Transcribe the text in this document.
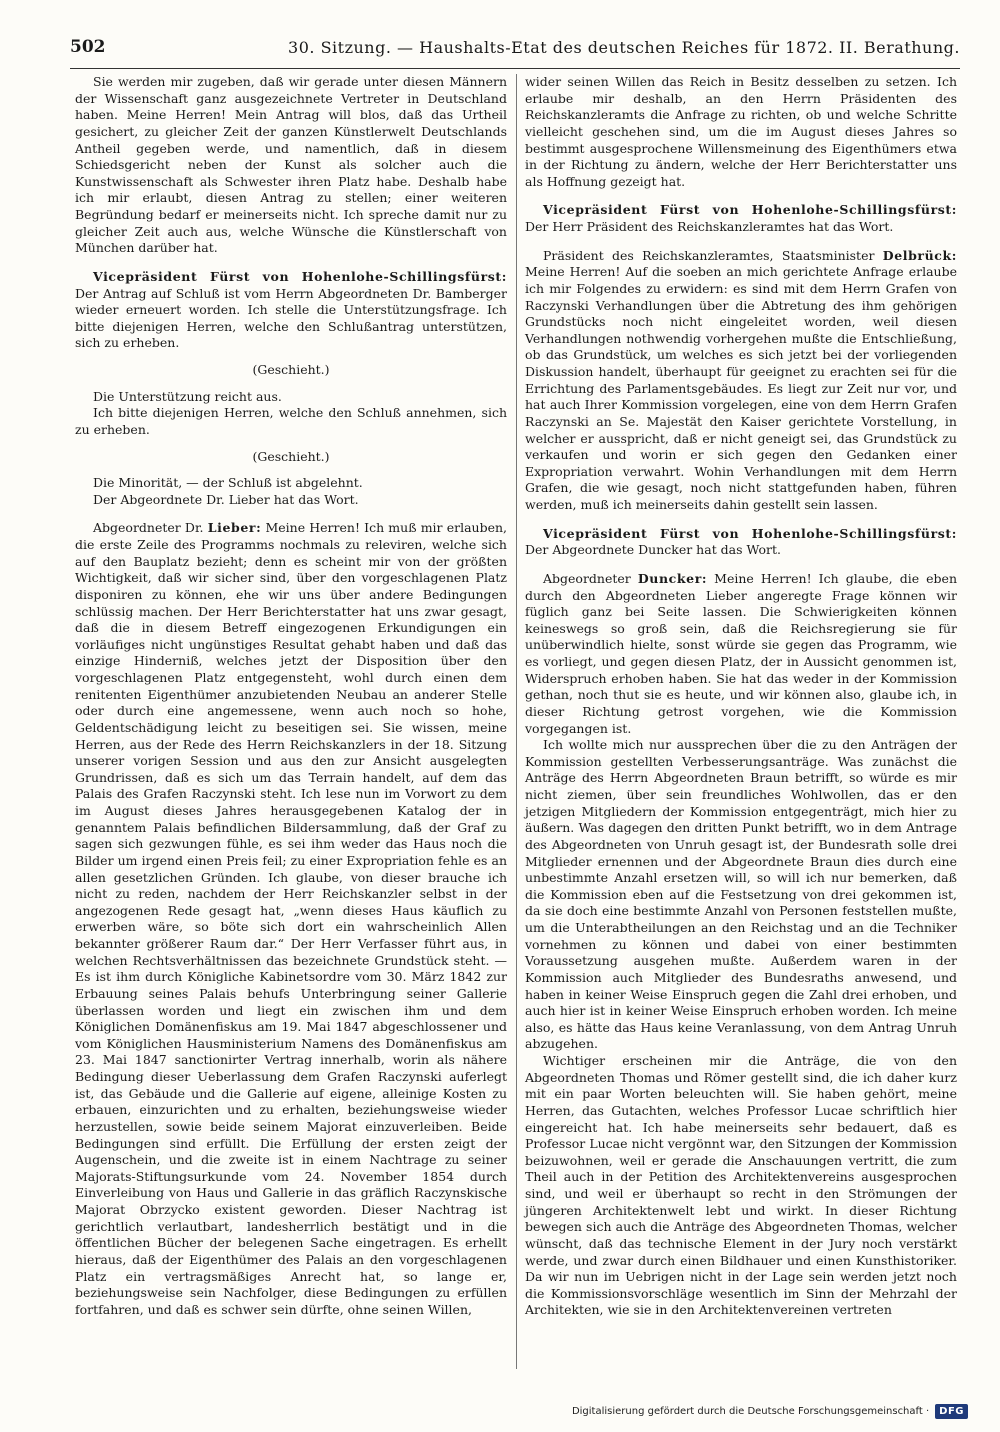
502	30. Sitzung. — Haushalts-Etat des deutschen Reiches für 1872. II. Berathung.

Sie werden mir zugeben, daß wir gerade unter diesen Männern der Wissenschaft ganz ausgezeichnete Vertreter in Deutschland haben. Meine Herren! Mein Antrag will blos, daß das Urtheil gesichert, zu gleicher Zeit der ganzen Künstlerwelt Deutschlands Antheil gegeben werde, und namentlich, daß in diesem Schiedsgericht neben der Kunst als solcher auch die Kunstwissenschaft als Schwester ihren Platz habe. Deshalb habe ich mir erlaubt, diesen Antrag zu stellen; einer weiteren Begründung bedarf er meinerseits nicht. Ich spreche damit nur zu gleicher Zeit auch aus, welche Wünsche die Künstlerschaft von München darüber hat.

Vicepräsident Fürst von Hohenlohe-Schillingsfürst: Der Antrag auf Schluß ist vom Herrn Abgeordneten Dr. Bamberger wieder erneuert worden. Ich stelle die Unterstützungsfrage. Ich bitte diejenigen Herren, welche den Schlußantrag unterstützen, sich zu erheben.

(Geschieht.)

Die Unterstützung reicht aus.

Ich bitte diejenigen Herren, welche den Schluß annehmen, sich zu erheben.

(Geschieht.)

Die Minorität, — der Schluß ist abgelehnt.

Der Abgeordnete Dr. Lieber hat das Wort.

Abgeordneter Dr. Lieber: Meine Herren! Ich muß mir erlauben, die erste Zeile des Programms nochmals zu releviren, welche sich auf den Bauplatz bezieht; denn es scheint mir von der größten Wichtigkeit, daß wir sicher sind, über den vorgeschlagenen Platz disponiren zu können, ehe wir uns über andere Bedingungen schlüssig machen. Der Herr Berichterstatter hat uns zwar gesagt, daß die in diesem Betreff eingezogenen Erkundigungen ein vorläufiges nicht ungünstiges Resultat gehabt haben und daß das einzige Hinderniß, welches jetzt der Disposition über den vorgeschlagenen Platz entgegensteht, wohl durch einen dem renitenten Eigenthümer anzubietenden Neubau an anderer Stelle oder durch eine angemessene, wenn auch noch so hohe, Geldentschädigung leicht zu beseitigen sei. Sie wissen, meine Herren, aus der Rede des Herrn Reichskanzlers in der 18. Sitzung unserer vorigen Session und aus den zur Ansicht ausgelegten Grundrissen, daß es sich um das Terrain handelt, auf dem das Palais des Grafen Raczynski steht. Ich lese nun im Vorwort zu dem im August dieses Jahres herausgegebenen Katalog der in genanntem Palais befindlichen Bildersammlung, daß der Graf zu sagen sich gezwungen fühle, es sei ihm weder das Haus noch die Bilder um irgend einen Preis feil; zu einer Expropriation fehle es an allen gesetzlichen Gründen. Ich glaube, von dieser brauche ich nicht zu reden, nachdem der Herr Reichskanzler selbst in der angezogenen Rede gesagt hat, „wenn dieses Haus käuflich zu erwerben wäre, so böte sich dort ein wahrscheinlich Allen bekannter größerer Raum dar.“ Der Herr Verfasser führt aus, in welchen Rechtsverhältnissen das bezeichnete Grundstück steht. — Es ist ihm durch Königliche Kabinetsordre vom 30. März 1842 zur Erbauung seines Palais behufs Unterbringung seiner Gallerie überlassen worden und liegt ein zwischen ihm und dem Königlichen Domänenfiskus am 19. Mai 1847 abgeschlossener und vom Königlichen Hausministerium Namens des Domänenfiskus am 23. Mai 1847 sanctionirter Vertrag innerhalb, worin als nähere Bedingung dieser Ueberlassung dem Grafen Raczynski auferlegt ist, das Gebäude und die Gallerie auf eigene, alleinige Kosten zu erbauen, einzurichten und zu erhalten, beziehungsweise wieder herzustellen, sowie beide seinem Majorat einzuverleiben. Beide Bedingungen sind erfüllt. Die Erfüllung der ersten zeigt der Augenschein, und die zweite ist in einem Nachtrage zu seiner Majorats-Stiftungsurkunde vom 24. November 1854 durch Einverleibung von Haus und Gallerie in das gräflich Raczynskische Majorat Obrzycko existent geworden. Dieser Nachtrag ist gerichtlich verlautbart, landesherrlich bestätigt und in die öffentlichen Bücher der belegenen Sache eingetragen. Es erhellt hieraus, daß der Eigenthümer des Palais an den vorgeschlagenen Platz ein vertragsmäßiges Anrecht hat, so lange er, beziehungsweise sein Nachfolger, diese Bedingungen zu erfüllen fortfahren, und daß es schwer sein dürfte, ohne seinen Willen,

wider seinen Willen das Reich in Besitz desselben zu setzen. Ich erlaube mir deshalb, an den Herrn Präsidenten des Reichskanzleramts die Anfrage zu richten, ob und welche Schritte vielleicht geschehen sind, um die im August dieses Jahres so bestimmt ausgesprochene Willensmeinung des Eigenthümers etwa in der Richtung zu ändern, welche der Herr Berichterstatter uns als Hoffnung gezeigt hat.

Vicepräsident Fürst von Hohenlohe-Schillingsfürst: Der Herr Präsident des Reichskanzleramtes hat das Wort.

Präsident des Reichskanzleramtes, Staatsminister Delbrück: Meine Herren! Auf die soeben an mich gerichtete Anfrage erlaube ich mir Folgendes zu erwidern: es sind mit dem Herrn Grafen von Raczynski Verhandlungen über die Abtretung des ihm gehörigen Grundstücks noch nicht eingeleitet worden, weil diesen Verhandlungen nothwendig vorhergehen mußte die Entschließung, ob das Grundstück, um welches es sich jetzt bei der vorliegenden Diskussion handelt, überhaupt für geeignet zu erachten sei für die Errichtung des Parlamentsgebäudes. Es liegt zur Zeit nur vor, und hat auch Ihrer Kommission vorgelegen, eine von dem Herrn Grafen Raczynski an Se. Majestät den Kaiser gerichtete Vorstellung, in welcher er ausspricht, daß er nicht geneigt sei, das Grundstück zu verkaufen und worin er sich gegen den Gedanken einer Expropriation verwahrt. Wohin Verhandlungen mit dem Herrn Grafen, die wie gesagt, noch nicht stattgefunden haben, führen werden, muß ich meinerseits dahin gestellt sein lassen.

Vicepräsident Fürst von Hohenlohe-Schillingsfürst: Der Abgeordnete Duncker hat das Wort.

Abgeordneter Duncker: Meine Herren! Ich glaube, die eben durch den Abgeordneten Lieber angeregte Frage können wir füglich ganz bei Seite lassen. Die Schwierigkeiten können keineswegs so groß sein, daß die Reichsregierung sie für unüberwindlich hielte, sonst würde sie gegen das Programm, wie es vorliegt, und gegen diesen Platz, der in Aussicht genommen ist, Widerspruch erhoben haben. Sie hat das weder in der Kommission gethan, noch thut sie es heute, und wir können also, glaube ich, in dieser Richtung getrost vorgehen, wie die Kommission vorgegangen ist.

Ich wollte mich nur aussprechen über die zu den Anträgen der Kommission gestellten Verbesserungsanträge. Was zunächst die Anträge des Herrn Abgeordneten Braun betrifft, so würde es mir nicht ziemen, über sein freundliches Wohlwollen, das er den jetzigen Mitgliedern der Kommission entgegenträgt, mich hier zu äußern. Was dagegen den dritten Punkt betrifft, wo in dem Antrage des Abgeordneten von Unruh gesagt ist, der Bundesrath solle drei Mitglieder ernennen und der Abgeordnete Braun dies durch eine unbestimmte Anzahl ersetzen will, so will ich nur bemerken, daß die Kommission eben auf die Festsetzung von drei gekommen ist, da sie doch eine bestimmte Anzahl von Personen feststellen mußte, um die Unterabtheilungen an den Reichstag und an die Techniker vornehmen zu können und dabei von einer bestimmten Voraussetzung ausgehen mußte. Außerdem waren in der Kommission auch Mitglieder des Bundesraths anwesend, und haben in keiner Weise Einspruch gegen die Zahl drei erhoben, und auch hier ist in keiner Weise Einspruch erhoben worden. Ich meine also, es hätte das Haus keine Veranlassung, von dem Antrag Unruh abzugehen.

Wichtiger erscheinen mir die Anträge, die von den Abgeordneten Thomas und Römer gestellt sind, die ich daher kurz mit ein paar Worten beleuchten will. Sie haben gehört, meine Herren, das Gutachten, welches Professor Lucae schriftlich hier eingereicht hat. Ich habe meinerseits sehr bedauert, daß es Professor Lucae nicht vergönnt war, den Sitzungen der Kommission beizuwohnen, weil er gerade die Anschauungen vertritt, die zum Theil auch in der Petition des Architektenvereins ausgesprochen sind, und weil er überhaupt so recht in den Strömungen der jüngeren Architektenwelt lebt und wirkt. In dieser Richtung bewegen sich auch die Anträge des Abgeordneten Thomas, welcher wünscht, daß das technische Element in der Jury noch verstärkt werde, und zwar durch einen Bildhauer und einen Kunsthistoriker. Da wir nun im Uebrigen nicht in der Lage sein werden jetzt noch die Kommissionsvorschläge wesentlich im Sinn der Mehrzahl der Architekten, wie sie in den Architektenvereinen vertreten

Digitalisierung gefördert durch die Deutsche Forschungsgemeinschaft ·	DFG
